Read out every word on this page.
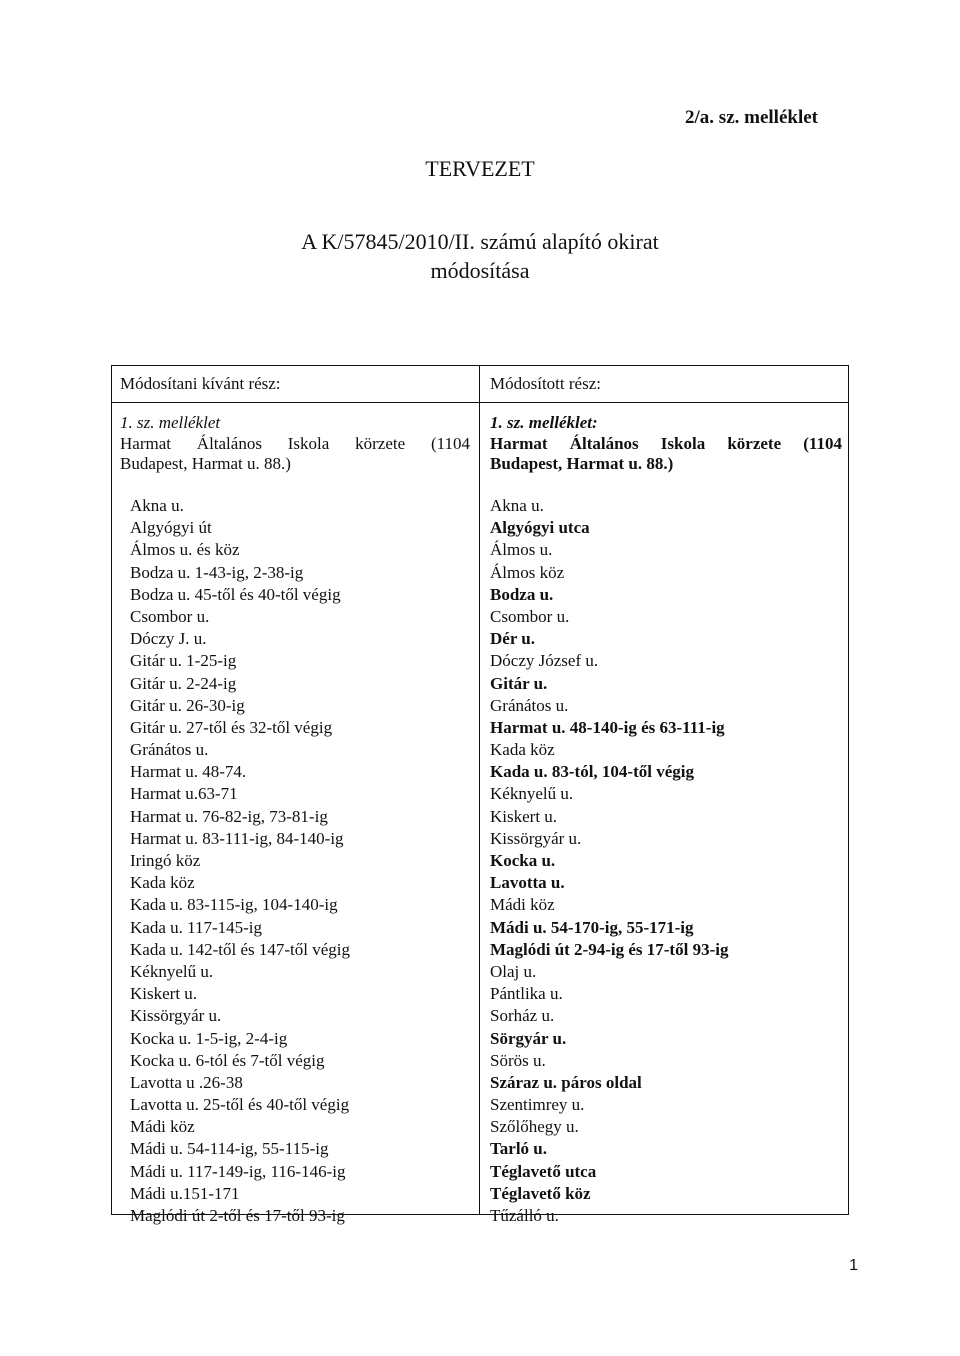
2/a. sz. melléklet
TERVEZET
A K/57845/2010/II. számú alapító okirat
módosítása
Módosítani kívánt rész:
1. sz. melléklet
Harmat Általános Iskola körzete (1104
Budapest, Harmat u. 88.)
Akna u.
Algyógyi út
Álmos u. és köz
Bodza u. 1-43-ig, 2-38-ig
Bodza u. 45-től és 40-től végig
Csombor u.
Dóczy J. u.
Gitár u. 1-25-ig
Gitár u. 2-24-ig
Gitár u. 26-30-ig
Gitár u. 27-től és 32-től végig
Gránátos u.
Harmat u. 48-74.
Harmat u.63-71
Harmat u. 76-82-ig, 73-81-ig
Harmat u. 83-111-ig, 84-140-ig
Iringó köz
Kada köz
Kada u. 83-115-ig, 104-140-ig
Kada u. 117-145-ig
Kada u. 142-től és 147-től végig
Kéknyelű u.
Kiskert u.
Kissörgyár u.
Kocka u. 1-5-ig, 2-4-ig
Kocka u. 6-tól és 7-től végig
Lavotta u .26-38
Lavotta u. 25-től és 40-től végig
Mádi köz
Mádi u. 54-114-ig, 55-115-ig
Mádi u. 117-149-ig, 116-146-ig
Mádi u.151-171
Maglódi út 2-től és 17-től 93-ig
Módosított rész:
1. sz. melléklet:
Harmat Általános Iskola körzete (1104
Budapest, Harmat u. 88.)
Akna u.
Algyógyi utca
Álmos u.
Álmos köz
Bodza u.
Csombor u.
Dér u.
Dóczy József u.
Gitár u.
Gránátos u.
Harmat u. 48-140-ig és 63-111-ig
Kada köz
Kada u. 83-tól, 104-től végig
Kéknyelű u.
Kiskert u.
Kissörgyár u.
Kocka u.
Lavotta u.
Mádi köz
Mádi u. 54-170-ig, 55-171-ig
Maglódi út 2-94-ig és 17-től 93-ig
Olaj u.
Pántlika u.
Sorház u.
Sörgyár u.
Sörös u.
Száraz u. páros oldal
Szentimrey u.
Szőlőhegy u.
Tarló u.
Téglavető utca
Téglavető köz
Tűzálló u.
1
